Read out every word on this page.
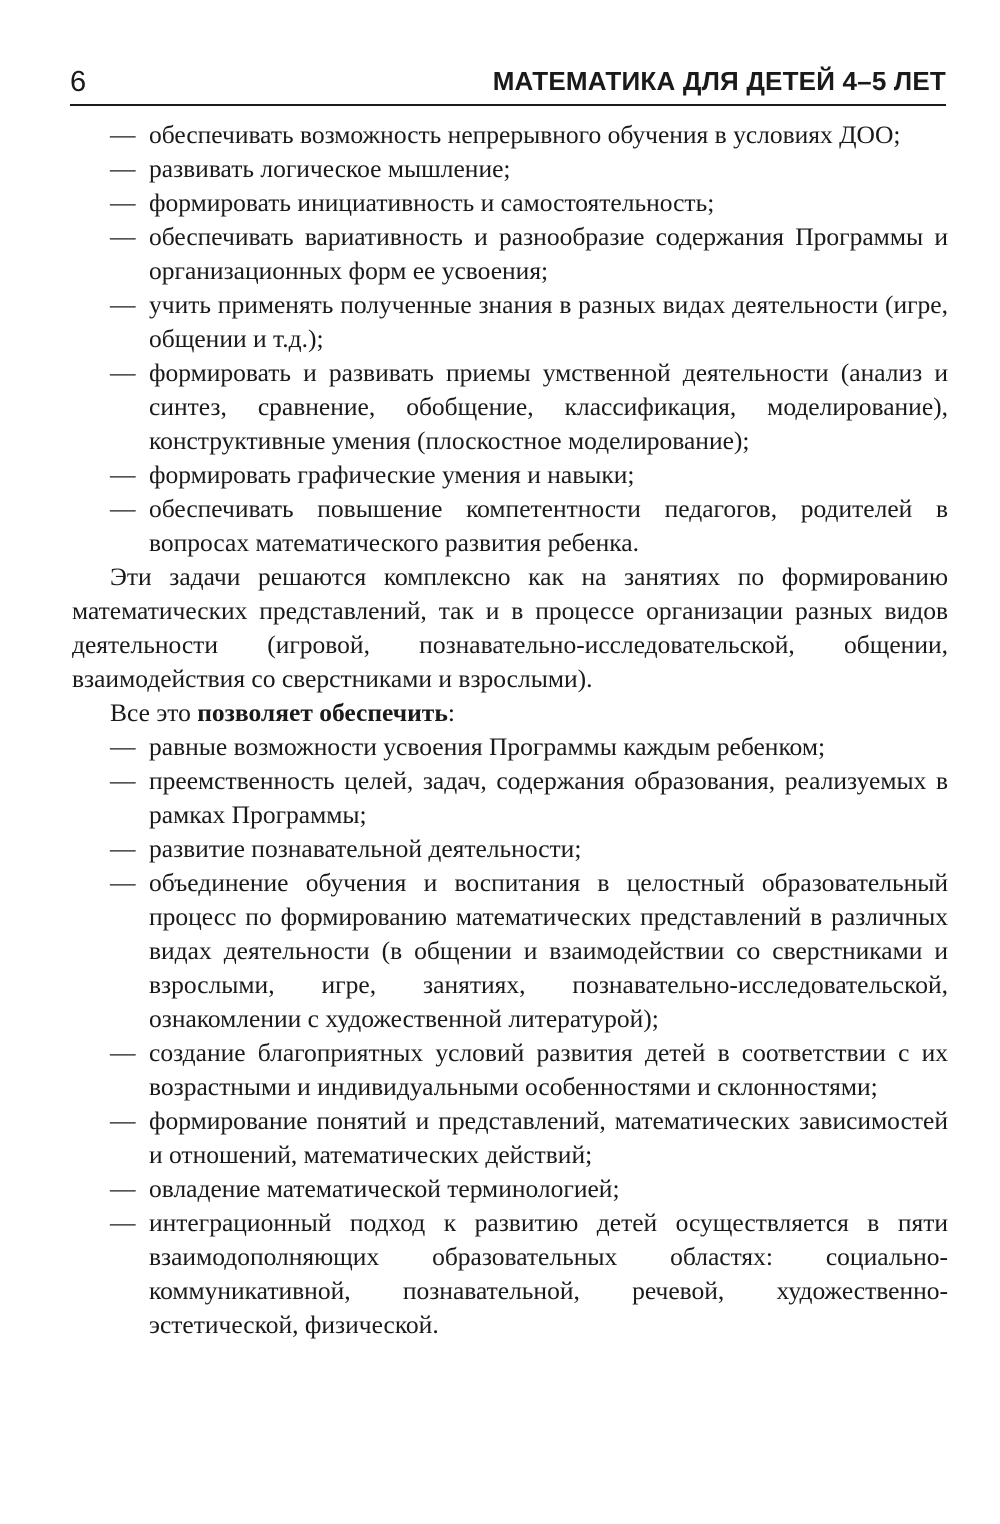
6	МАТЕМАТИКА ДЛЯ ДЕТЕЙ 4–5 ЛЕТ
— обеспечивать возможность непрерывного обучения в условиях ДОО;
— развивать логическое мышление;
— формировать инициативность и самостоятельность;
— обеспечивать вариативность и разнообразие содержания Программы и организационных форм ее усвоения;
— учить применять полученные знания в разных видах деятельности (игре, общении и т.д.);
— формировать и развивать приемы умственной деятельности (анализ и синтез, сравнение, обобщение, классификация, моделирование), конструктивные умения (плоскостное моделирование);
— формировать графические умения и навыки;
— обеспечивать повышение компетентности педагогов, родителей в вопросах математического развития ребенка.

Эти задачи решаются комплексно как на занятиях по формированию математических представлений, так и в процессе организации разных видов деятельности (игровой, познавательно-исследовательской, общении, взаимодействия со сверстниками и взрослыми).

Все это позволяет обеспечить:

— равные возможности усвоения Программы каждым ребенком;
— преемственность целей, задач, содержания образования, реализуемых в рамках Программы;
— развитие познавательной деятельности;
— объединение обучения и воспитания в целостный образовательный процесс по формированию математических представлений в различных видах деятельности (в общении и взаимодействии со сверстниками и взрослыми, игре, занятиях, познавательно-исследовательской, ознакомлении с художественной литературой);
— создание благоприятных условий развития детей в соответствии с их возрастными и индивидуальными особенностями и склонностями;
— формирование понятий и представлений, математических зависимостей и отношений, математических действий;
— овладение математической терминологией;
— интеграционный подход к развитию детей осуществляется в пяти взаимодополняющих образовательных областях: социально-коммуникативной, познавательной, речевой, художественно-эстетической, физической.
